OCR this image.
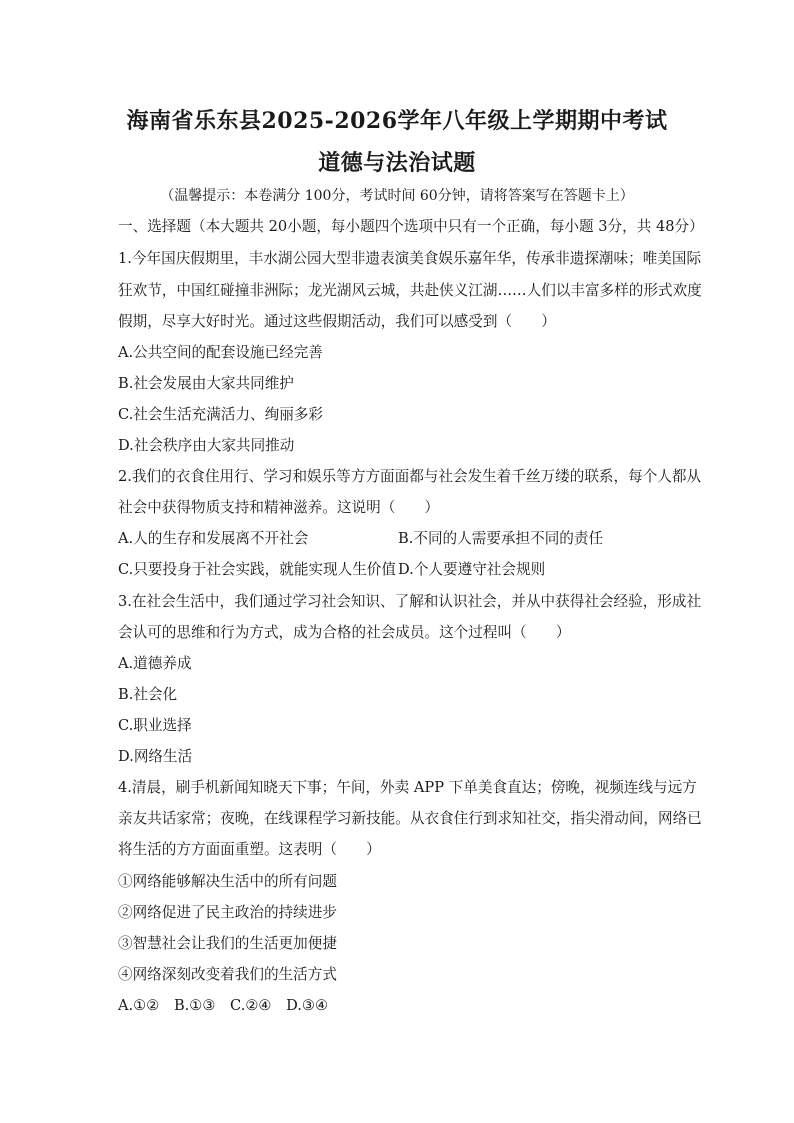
海南省乐东县2025-2026学年八年级上学期期中考试
道德与法治试题
（温馨提示：本卷满分 100分，考试时间 60分钟，请将答案写在答题卡上）
一、选择题（本大题共 20小题，每小题四个选项中只有一个正确，每小题 3分，共 48分）
1.今年国庆假期里，丰水湖公园大型非遗表演美食娱乐嘉年华，传承非遗探潮味；唯美国际
狂欢节，中国红碰撞非洲际；龙光湖风云城，共赴侠义江湖……人们以丰富多样的形式欢度
假期，尽享大好时光。通过这些假期活动，我们可以感受到（　　）
A.公共空间的配套设施已经完善
B.社会发展由大家共同维护
C.社会生活充满活力、绚丽多彩
D.社会秩序由大家共同推动
2.我们的衣食住用行、学习和娱乐等方方面面都与社会发生着千丝万缕的联系，每个人都从
社会中获得物质支持和精神滋养。这说明（　　）
A.人的生存和发展离不开社会	B.不同的人需要承担不同的责任
C.只要投身于社会实践，就能实现人生价值 D.个人要遵守社会规则
3.在社会生活中，我们通过学习社会知识、了解和认识社会，并从中获得社会经验，形成社
会认可的思维和行为方式，成为合格的社会成员。这个过程叫（　　）
A.道德养成
B.社会化
C.职业选择
D.网络生活
4.清晨，刷手机新闻知晓天下事；午间，外卖 APP 下单美食直达；傍晚，视频连线与远方
亲友共话家常；夜晚，在线课程学习新技能。从衣食住行到求知社交，指尖滑动间，网络已
将生活的方方面面重塑。这表明（　　）
①网络能够解决生活中的所有问题
②网络促进了民主政治的持续进步
③智慧社会让我们的生活更加便捷
④网络深刻改变着我们的生活方式
A.①②　B.①③　C.②④　D.③④
